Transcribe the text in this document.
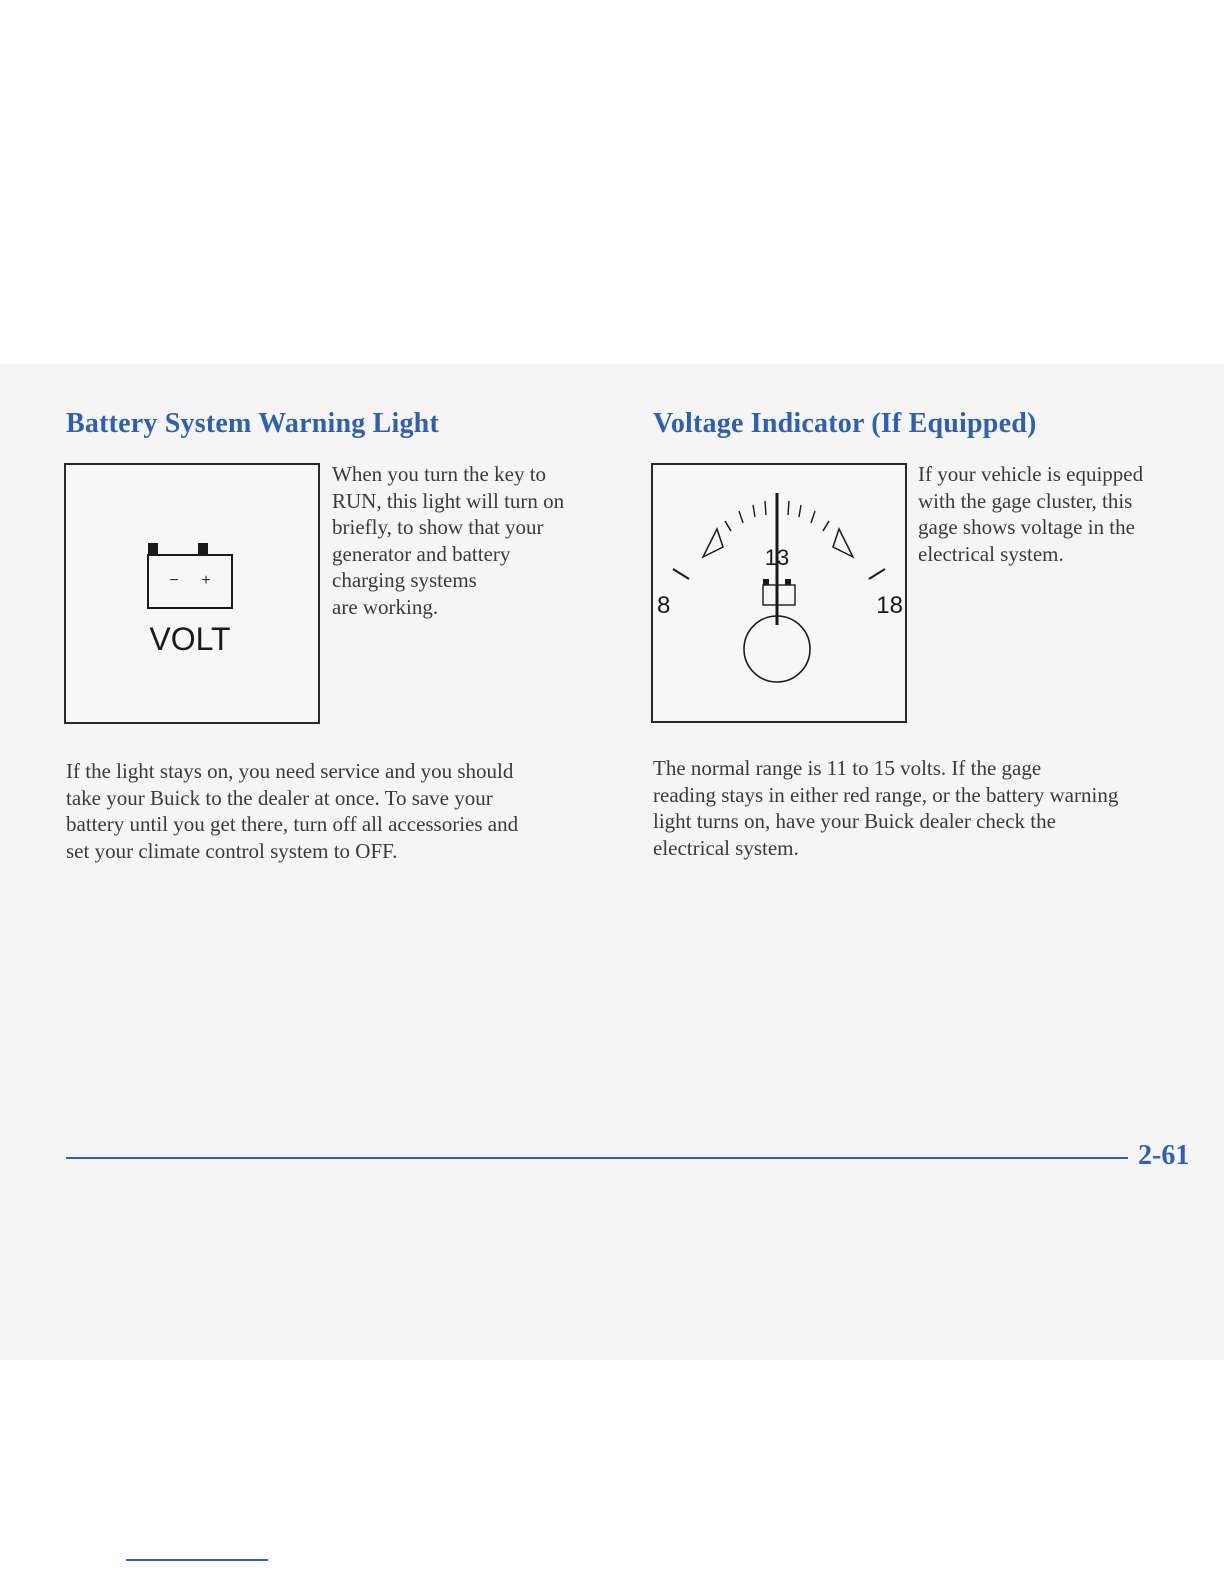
Battery System Warning Light
− +
VOLT
When you turn the key to
RUN, this light will turn on
briefly, to show that your
generator and battery
charging systems
are working.
If the light stays on, you need service and you should
take your Buick to the dealer at once. To save your
battery until you get there, turn off all accessories and
set your climate control system to OFF.
Voltage Indicator (If Equipped)
8
13
18
If your vehicle is equipped
with the gage cluster, this
gage shows voltage in the
electrical system.
The normal range is 11 to 15 volts. If the gage
reading stays in either red range, or the battery warning
light turns on, have your Buick dealer check the
electrical system.
2-61
